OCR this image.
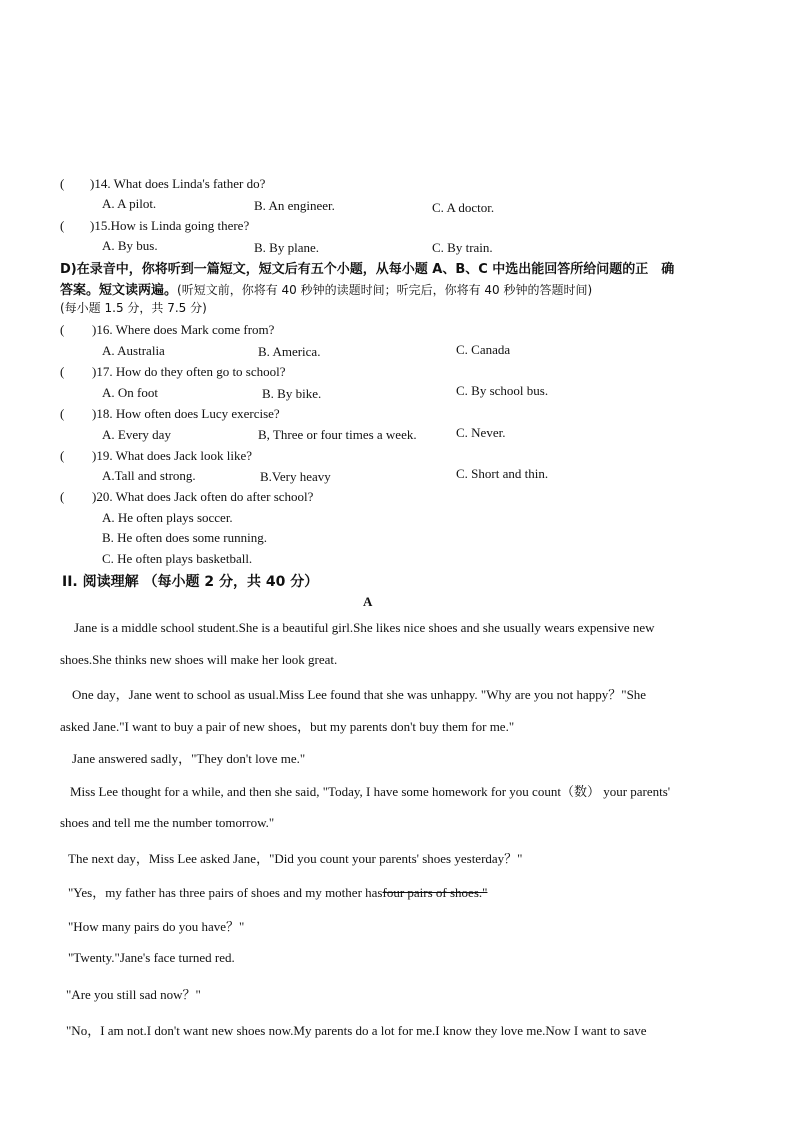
( )14. What does Linda's father do?
A. A pilot.	B. An engineer.	C. A doctor.
( )15.How is Linda going there?
A. By bus.	B. By plane.	C. By train.
D)在录音中，你将听到一篇短文，短文后有五个小题，从每小题 A、B、C 中选出能回答所给问题的正　确
答案。短文读两遍。(听短文前，你将有 40 秒钟的读题时间；听完后，你将有 40 秒钟的答题时间)
(每小题 1.5 分，共 7.5 分)
( )16. Where does Mark come from?
A. Australia	B. America.	C. Canada
( )17. How do they often go to school?
A. On foot	B. By bike.	C. By school bus.
( )18. How often does Lucy exercise?
A. Every day	B, Three or four times a week.	C. Never.
( )19. What does Jack look like?
A.Tall and strong.	B.Very heavy	C. Short and thin.
( )20. What does Jack often do after school?
A. He often plays soccer.
B. He often does some running.
C. He often plays basketball.
II. 阅读理解 （每小题 2 分，共 40 分）
A
Jane is a middle school student.She is a beautiful girl.She likes nice shoes and she usually wears expensive new
shoes.She thinks new shoes will make her look great.
One day，Jane went to school as usual.Miss Lee found that she was unhappy. "Why are you not happy？"She
asked Jane."I want to buy a pair of new shoes，but my parents don't buy them for me."
Jane answered sadly，"They don't love me."
Miss Lee thought for a while, and then she said, "Today, I have some homework for you count（数） your parents'
shoes and tell me the number tomorrow."
The next day，Miss Lee asked Jane，"Did you count your parents' shoes yesterday？"
"Yes，my father has three pairs of shoes and my mother hasfour pairs of shoes."
"How many pairs do you have？"
"Twenty."Jane's face turned red.
"Are you still sad now？"
"No，I am not.I don't want new shoes now.My parents do a lot for me.I know they love me.Now I want to save
